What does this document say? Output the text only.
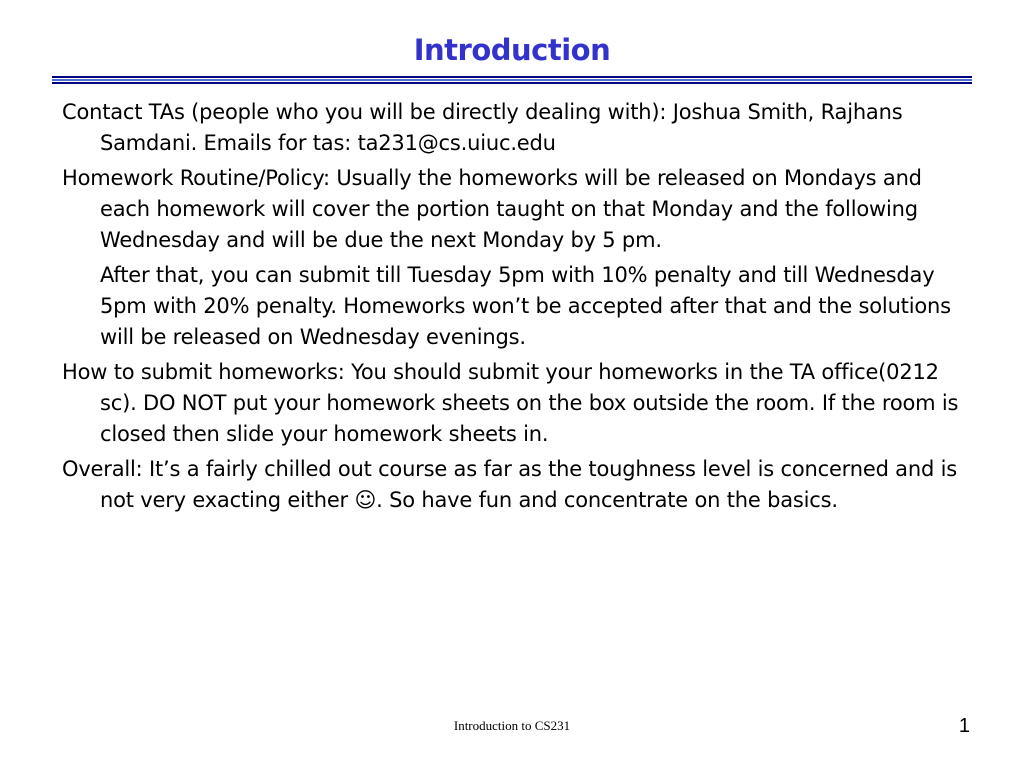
Introduction

Contact TAs (people who you will be directly dealing with): Joshua Smith, Rajhans Samdani. Emails for tas: ta231@cs.uiuc.edu

Homework Routine/Policy: Usually the homeworks will be released on Mondays and each homework will cover the portion taught on that Monday and the following Wednesday and will be due the next Monday by 5 pm.

After that, you can submit till Tuesday 5pm with 10% penalty and till Wednesday 5pm with 20% penalty. Homeworks won’t be accepted after that and the solutions will be released on Wednesday evenings.

How to submit homeworks: You should submit your homeworks in the TA office(0212 sc). DO NOT put your homework sheets on the box outside the room. If the room is closed then slide your homework sheets in.

Overall: It’s a fairly chilled out course as far as the toughness level is concerned and is not very exacting either ☺. So have fun and concentrate on the basics.

Introduction to CS231	1
